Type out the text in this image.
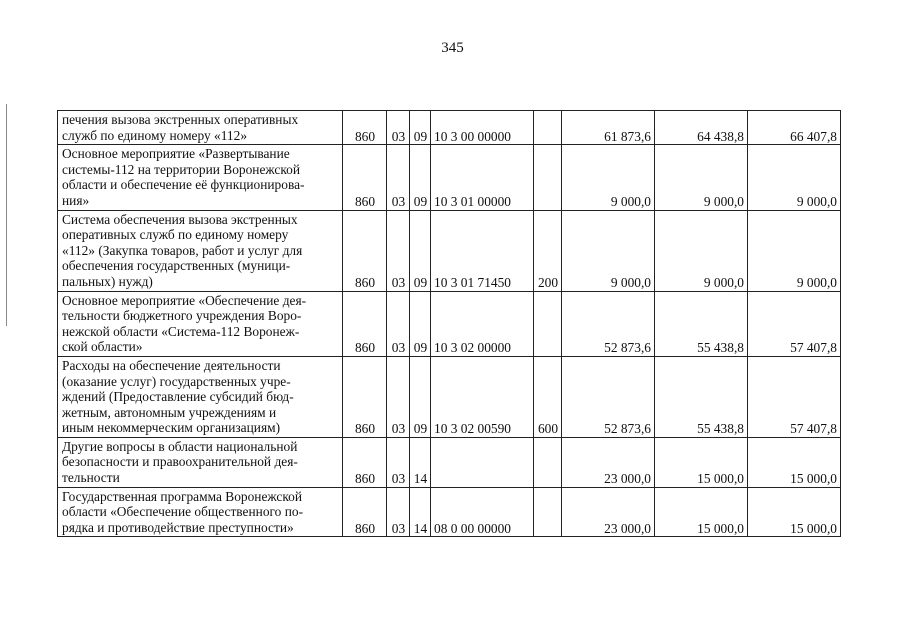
345
печения вызова экстренных оперативных
служб по единому номеру «112»	860	03	09	10 3 00 00000		61 873,6	64 438,8	66 407,8

Основное мероприятие «Развертывание
системы-112 на территории Воронежской
области и обеспечение её функционирова-
ния»	860	03	09	10 3 01 00000		9 000,0	9 000,0	9 000,0

Система обеспечения вызова экстренных
оперативных служб по единому номеру
«112» (Закупка товаров, работ и услуг для
обеспечения государственных (муници-
пальных) нужд)	860	03	09	10 3 01 71450	200	9 000,0	9 000,0	9 000,0

Основное мероприятие «Обеспечение дея-
тельности бюджетного учреждения Воро-
нежской области «Система-112 Воронеж-
ской области»	860	03	09	10 3 02 00000		52 873,6	55 438,8	57 407,8

Расходы на обеспечение деятельности
(оказание услуг) государственных учре-
ждений (Предоставление субсидий бюд-
жетным, автономным учреждениям и
иным некоммерческим организациям)	860	03	09	10 3 02 00590	600	52 873,6	55 438,8	57 407,8

Другие вопросы в области национальной
безопасности и правоохранительной дея-
тельности	860	03	14			23 000,0	15 000,0	15 000,0

Государственная программа Воронежской
области «Обеспечение общественного по-
рядка и противодействие преступности»	860	03	14	08 0 00 00000		23 000,0	15 000,0	15 000,0
